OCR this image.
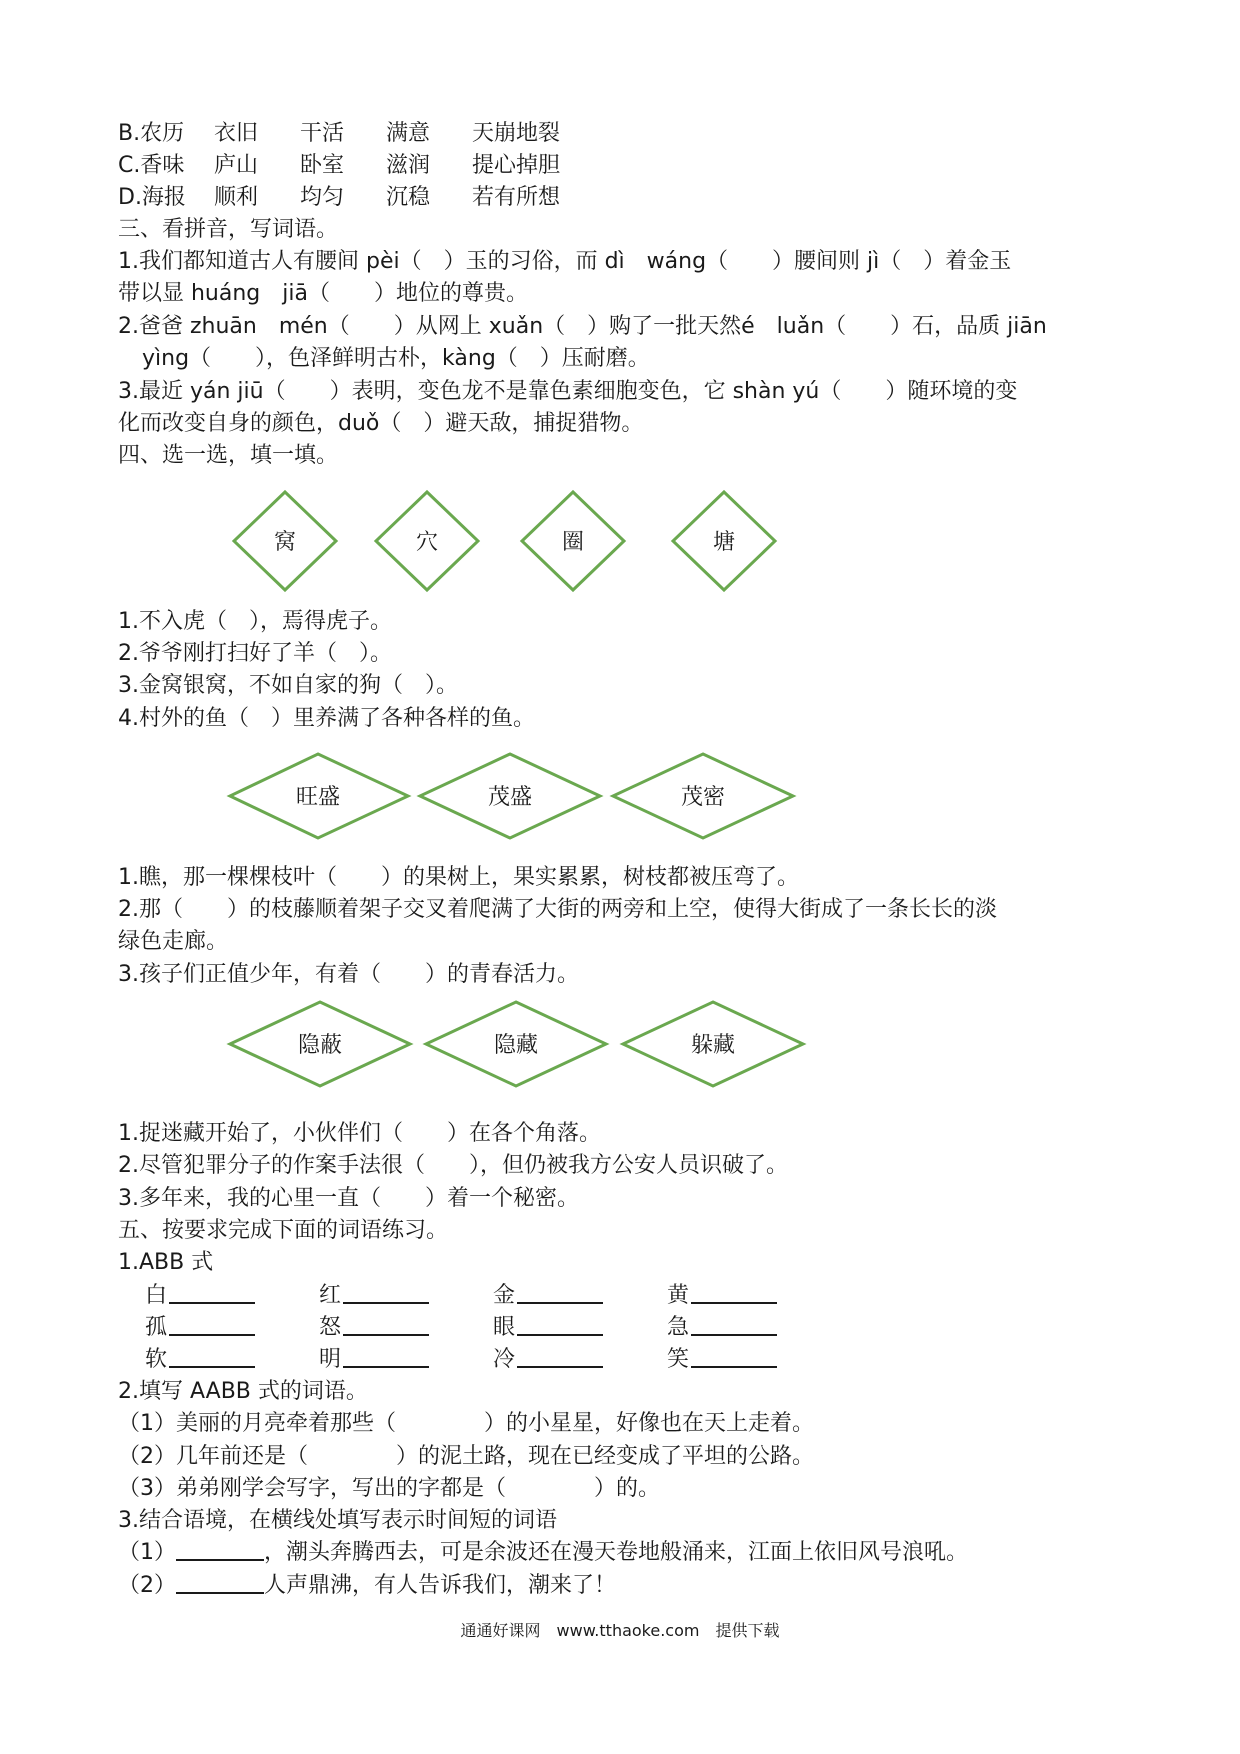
B.农历 衣旧 干活 满意 天崩地裂
C.香味 庐山 卧室 滋润 提心掉胆
D.海报 顺利 均匀 沉稳 若有所想
三、看拼音，写词语。
1.我们都知道古人有腰间 pèi（　）玉的习俗，而 dì　wáng（　　）腰间则 jì（　）着金玉
带以显 huáng　jiā（　　）地位的尊贵。
2.爸爸 zhuān　mén（　　）从网上 xuǎn（　）购了一批天然é　luǎn（　　）石，品质 jiān
yìng（　　），色泽鲜明古朴，kàng（　）压耐磨。
3.最近 yán jiū（　　）表明，变色龙不是靠色素细胞变色，它 shàn yú（　　）随环境的变
化而改变自身的颜色，duǒ（　）避天敌，捕捉猎物。
四、选一选，填一填。
窝	穴	圈	塘
1.不入虎（　），焉得虎子。
2.爷爷刚打扫好了羊（　）。
3.金窝银窝，不如自家的狗（　）。
4.村外的鱼（　）里养满了各种各样的鱼。
旺盛	茂盛	茂密
1.瞧，那一棵棵枝叶（　　）的果树上，果实累累，树枝都被压弯了。
2.那（　　）的枝藤顺着架子交叉着爬满了大街的两旁和上空，使得大街成了一条长长的淡
绿色走廊。
3.孩子们正值少年，有着（　　）的青春活力。
隐蔽	隐藏	躲藏
1.捉迷藏开始了，小伙伴们（　　）在各个角落。
2.尽管犯罪分子的作案手法很（　　），但仍被我方公安人员识破了。
3.多年来，我的心里一直（　　）着一个秘密。
五、按要求完成下面的词语练习。
1.ABB 式
白	红	金	黄
孤	怒	眼	急
软	明	冷	笑
2.填写 AABB 式的词语。
（1）美丽的月亮牵着那些（　　　　）的小星星，好像也在天上走着。
（2）几年前还是（　　　　）的泥土路，现在已经变成了平坦的公路。
（3）弟弟刚学会写字，写出的字都是（　　　　）的。
3.结合语境，在横线处填写表示时间短的词语
（1）	，潮头奔腾西去，可是余波还在漫天卷地般涌来，江面上依旧风号浪吼。
（2）	人声鼎沸，有人告诉我们，潮来了！
通通好课网　www.tthaoke.com　提供下载
